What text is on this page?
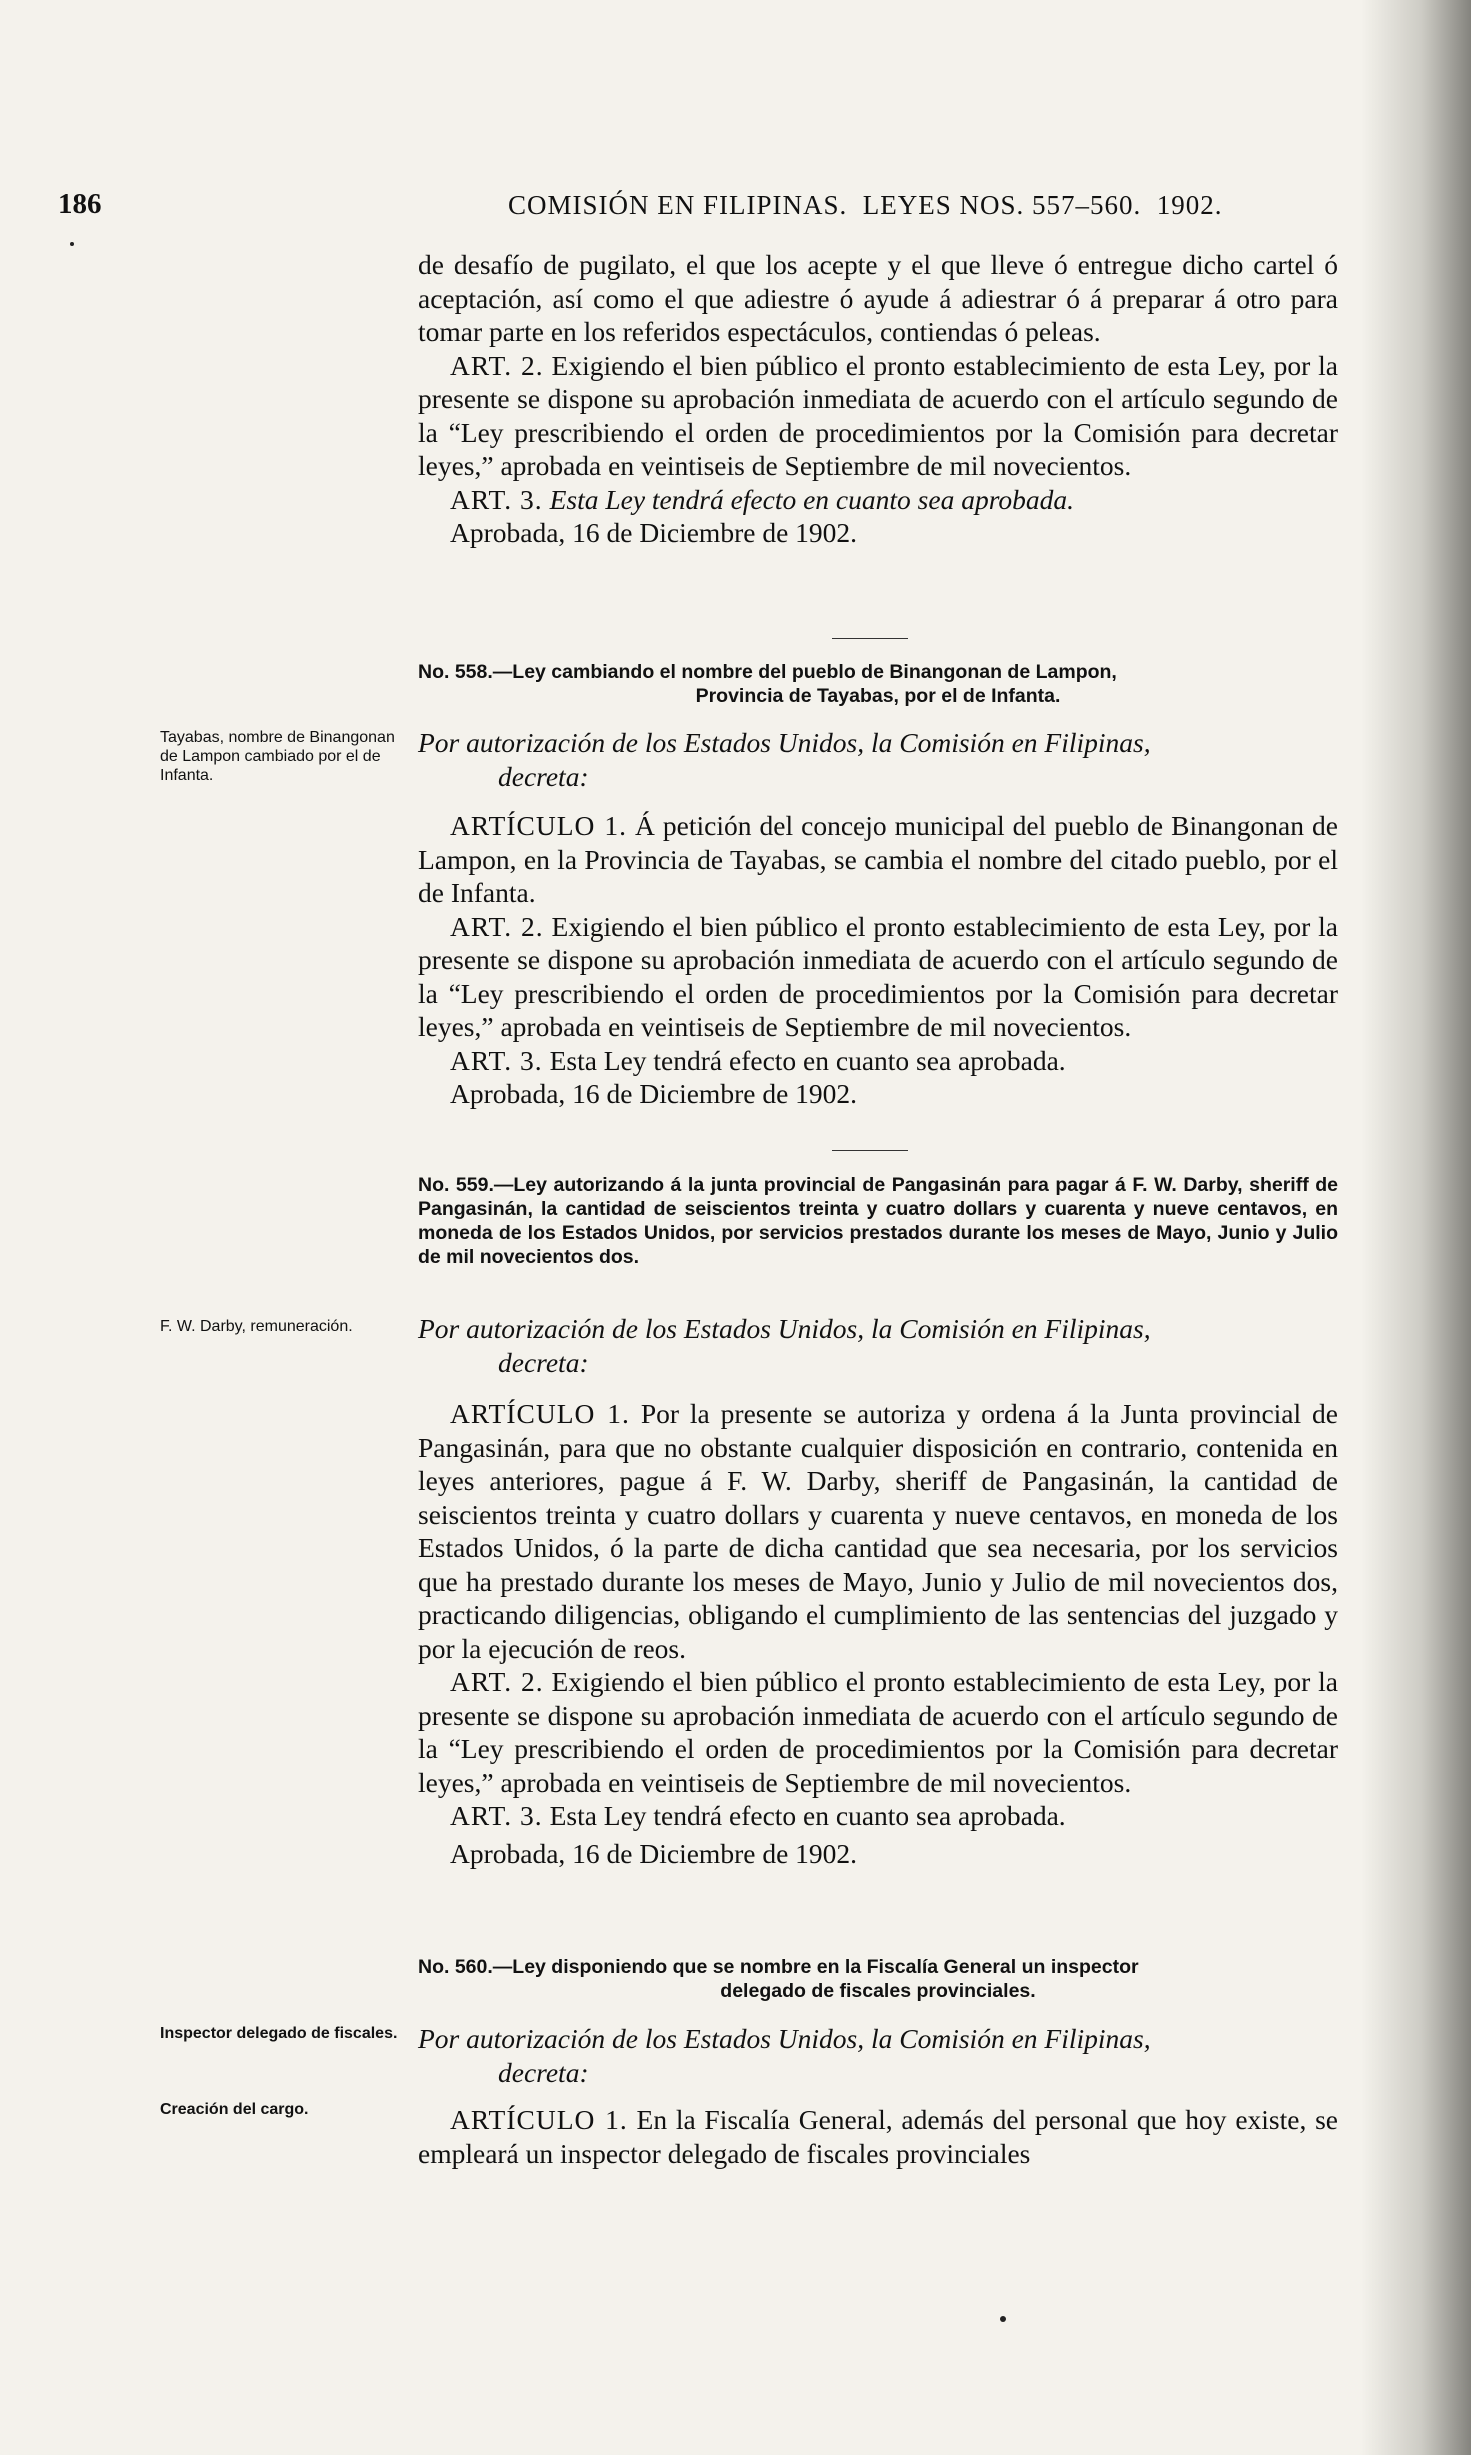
186	COMISIÓN EN FILIPINAS. LEYES NOS. 557–560. 1902.

de desafío de pugilato, el que los acepte y el que lleve ó entregue dicho cartel ó aceptación, así como el que adiestre ó ayude á adiestrar ó á preparar á otro para tomar parte en los referidos espectáculos, contiendas ó peleas.

ART. 2. Exigiendo el bien público el pronto establecimiento de esta Ley, por la presente se dispone su aprobación inmediata de acuerdo con el artículo segundo de la “Ley prescribiendo el orden de procedimientos por la Comisión para decretar leyes,” aprobada en veintiseis de Septiembre de mil novecientos.

ART. 3. Esta Ley tendrá efecto en cuanto sea aprobada.

Aprobada, 16 de Diciembre de 1902.

No. 558.—Ley cambiando el nombre del pueblo de Binangonan de Lampon,
Provincia de Tayabas, por el de Infanta.
Tayabas, nombre de Binangonan de Lampon cambiado por el de Infanta.

Por autorización de los Estados Unidos, la Comisión en Filipinas,
decreta:

ARTÍCULO 1. Á petición del concejo municipal del pueblo de Binangonan de Lampon, en la Provincia de Tayabas, se cambia el nombre del citado pueblo, por el de Infanta.

ART. 2. Exigiendo el bien público el pronto establecimiento de esta Ley, por la presente se dispone su aprobación inmediata de acuerdo con el artículo segundo de la “Ley prescribiendo el orden de procedimientos por la Comisión para decretar leyes,” aprobada en veintiseis de Septiembre de mil novecientos.

ART. 3. Esta Ley tendrá efecto en cuanto sea aprobada.

Aprobada, 16 de Diciembre de 1902.

No. 559.—Ley autorizando á la junta provincial de Pangasinán para pagar á F. W. Darby, sheriff de Pangasinán, la cantidad de seiscientos treinta y cuatro dollars y cuarenta y nueve centavos, en moneda de los Estados Unidos, por servicios prestados durante los meses de Mayo, Junio y Julio de mil novecientos dos.
F. W. Darby, remuneración.	Por autorización de los Estados Unidos, la Comisión en Filipinas,
decreta:

ARTÍCULO 1. Por la presente se autoriza y ordena á la Junta provincial de Pangasinán, para que no obstante cualquier disposición en contrario, contenida en leyes anteriores, pague á F. W. Darby, sheriff de Pangasinán, la cantidad de seiscientos treinta y cuatro dollars y cuarenta y nueve centavos, en moneda de los Estados Unidos, ó la parte de dicha cantidad que sea necesaria, por los servicios que ha prestado durante los meses de Mayo, Junio y Julio de mil novecientos dos, practicando diligencias, obligando el cumplimiento de las sentencias del juzgado y por la ejecución de reos.

ART. 2. Exigiendo el bien público el pronto establecimiento de esta Ley, por la presente se dispone su aprobación inmediata de acuerdo con el artículo segundo de la “Ley prescribiendo el orden de procedimientos por la Comisión para decretar leyes,” aprobada en veintiseis de Septiembre de mil novecientos.

ART. 3. Esta Ley tendrá efecto en cuanto sea aprobada.

Aprobada, 16 de Diciembre de 1902.

No. 560.—Ley disponiendo que se nombre en la Fiscalía General un inspector
delegado de fiscales provinciales.
Inspector delegado de fiscales.
Creación del cargo.

Por autorización de los Estados Unidos, la Comisión en Filipinas,
decreta:

ARTÍCULO 1. En la Fiscalía General, además del personal que hoy existe, se empleará un inspector delegado de fiscales provinciales
